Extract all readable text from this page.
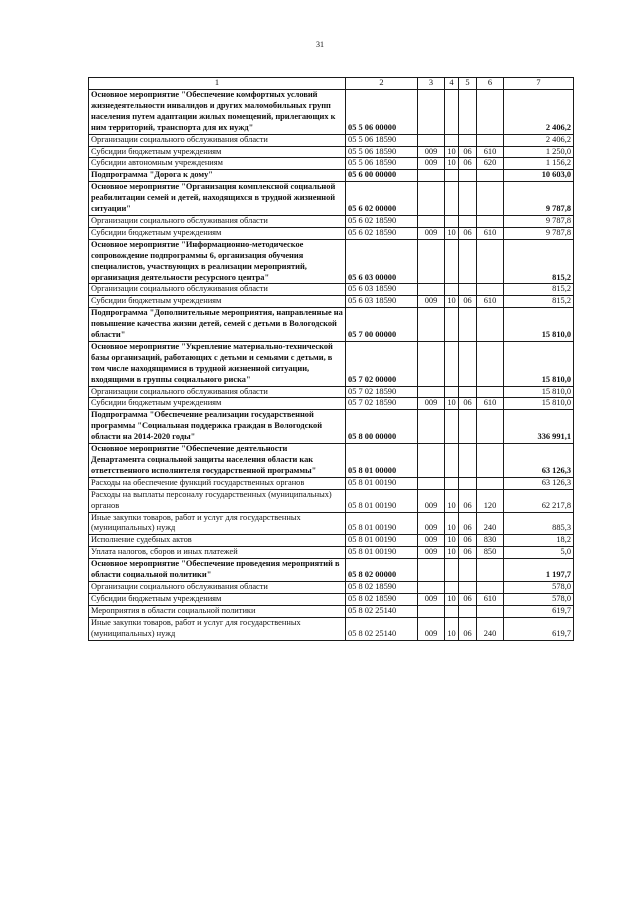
31
1	2	3	4	5	6	7
Основное мероприятие "Обеспечение комфортных условий жизнедеятельности инвалидов и других маломобильных групп населения путем адаптации жилых помещений, прилегающих к ним территорий, транспорта для их нужд"	05 5 06 00000					2 406,2
Организации социального обслуживания области	05 5 06 18590					2 406,2
Субсидии бюджетным учреждениям	05 5 06 18590	009	10	06	610	1 250,0
Субсидии автономным учреждениям	05 5 06 18590	009	10	06	620	1 156,2
Подпрограмма "Дорога к дому"	05 6 00 00000					10 603,0
Основное мероприятие "Организация комплексной социальной реабилитации семей и детей, находящихся в трудной жизненной ситуации"	05 6 02 00000					9 787,8
Организации социального обслуживания области	05 6 02 18590					9 787,8
Субсидии бюджетным учреждениям	05 6 02 18590	009	10	06	610	9 787,8
Основное мероприятие "Информационно-методическое сопровождение подпрограммы 6, организация обучения специалистов, участвующих в реализации мероприятий, организация деятельности ресурсного центра"	05 6 03 00000					815,2
Организации социального обслуживания области	05 6 03 18590					815,2
Субсидии бюджетным учреждениям	05 6 03 18590	009	10	06	610	815,2
Подпрограмма "Дополнительные мероприятия, направленные на повышение качества жизни детей, семей с детьми в Вологодской области"	05 7 00 00000					15 810,0
Основное мероприятие "Укрепление материально-технической базы организаций, работающих с детьми и семьями с детьми, в том числе находящимися в трудной жизненной ситуации, входящими в группы социального риска"	05 7 02 00000					15 810,0
Организации социального обслуживания области	05 7 02 18590					15 810,0
Субсидии бюджетным учреждениям	05 7 02 18590	009	10	06	610	15 810,0
Подпрограмма "Обеспечение реализации государственной программы "Социальная поддержка граждан в Вологодской области на 2014-2020 годы"	05 8 00 00000					336 991,1
Основное мероприятие "Обеспечение деятельности Департамента социальной защиты населения области как ответственного исполнителя государственной программы"	05 8 01 00000					63 126,3
Расходы на обеспечение функций государственных органов	05 8 01 00190					63 126,3
Расходы на выплаты персоналу государственных (муниципальных) органов	05 8 01 00190	009	10	06	120	62 217,8
Иные закупки товаров, работ и услуг для государственных (муниципальных) нужд	05 8 01 00190	009	10	06	240	885,3
Исполнение судебных актов	05 8 01 00190	009	10	06	830	18,2
Уплата налогов, сборов и иных платежей	05 8 01 00190	009	10	06	850	5,0
Основное мероприятие "Обеспечение проведения мероприятий в области социальной политики"	05 8 02 00000					1 197,7
Организации социального обслуживания области	05 8 02 18590					578,0
Субсидии бюджетным учреждениям	05 8 02 18590	009	10	06	610	578,0
Мероприятия в области социальной политики	05 8 02 25140					619,7
Иные закупки товаров, работ и услуг для государственных (муниципальных) нужд	05 8 02 25140	009	10	06	240	619,7
